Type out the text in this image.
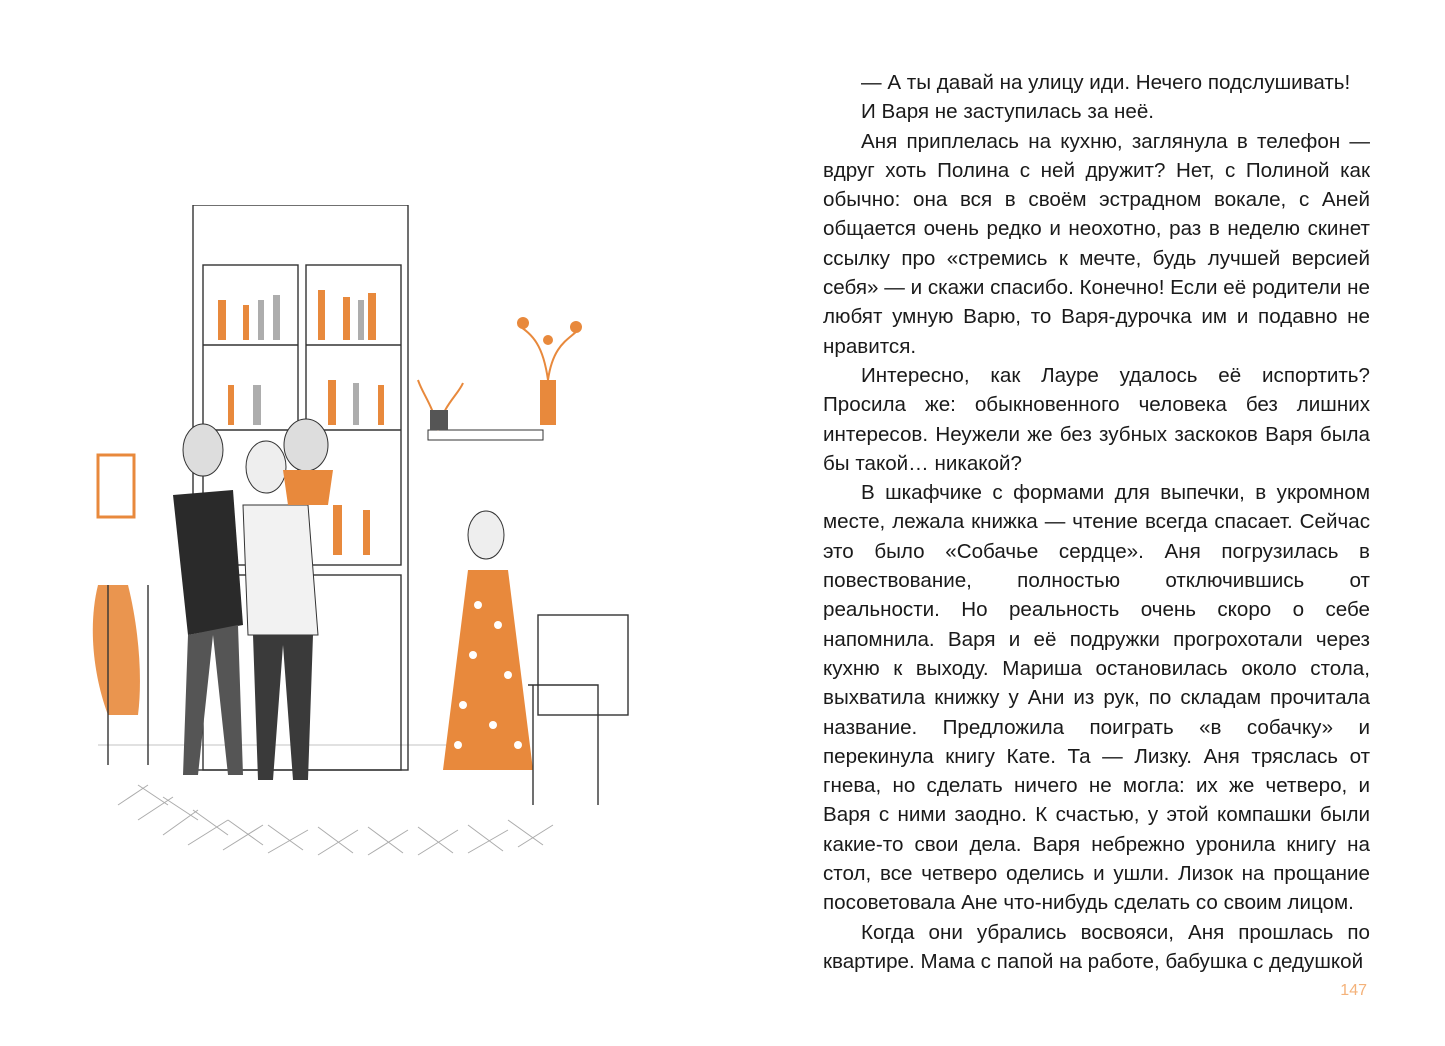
— А ты давай на улицу иди. Нечего подслушивать!

И Варя не заступилась за неё.

Аня приплелась на кухню, заглянула в телефон — вдруг хоть Полина с ней дружит? Нет, с Полиной как обычно: она вся в своём эстрадном вокале, с Аней общается очень редко и неохотно, раз в неделю скинет ссылку про «стремись к мечте, будь лучшей версией себя» — и скажи спасибо. Конечно! Если её родители не любят умную Варю, то Варя-дурочка им и подавно не нравится.

Интересно, как Лауре удалось её испортить? Просила же: обыкновенного человека без лишних интересов. Неужели же без зубных заскоков Варя была бы такой… никакой?

В шкафчике с формами для выпечки, в укромном месте, лежала книжка — чтение всегда спасает. Сейчас это было «Собачье сердце». Аня погрузилась в повествование, полностью отключившись от реальности. Но реальность очень скоро о себе напомнила. Варя и её подружки прогрохотали через кухню к выходу. Мариша остановилась около стола, выхватила книжку у Ани из рук, по складам прочитала название. Предложила поиграть «в собачку» и перекинула книгу Кате. Та — Лизку. Аня тряслась от гнева, но сделать ничего не могла: их же четверо, и Варя с ними заодно. К счастью, у этой компашки были какие-то свои дела. Варя небрежно уронила книгу на стол, все четверо оделись и ушли. Лизок на прощание посоветовала Ане что-нибудь сделать со своим лицом.

Когда они убрались восвояси, Аня прошлась по квартире. Мама с папой на работе, бабушка с дедушкой

147
